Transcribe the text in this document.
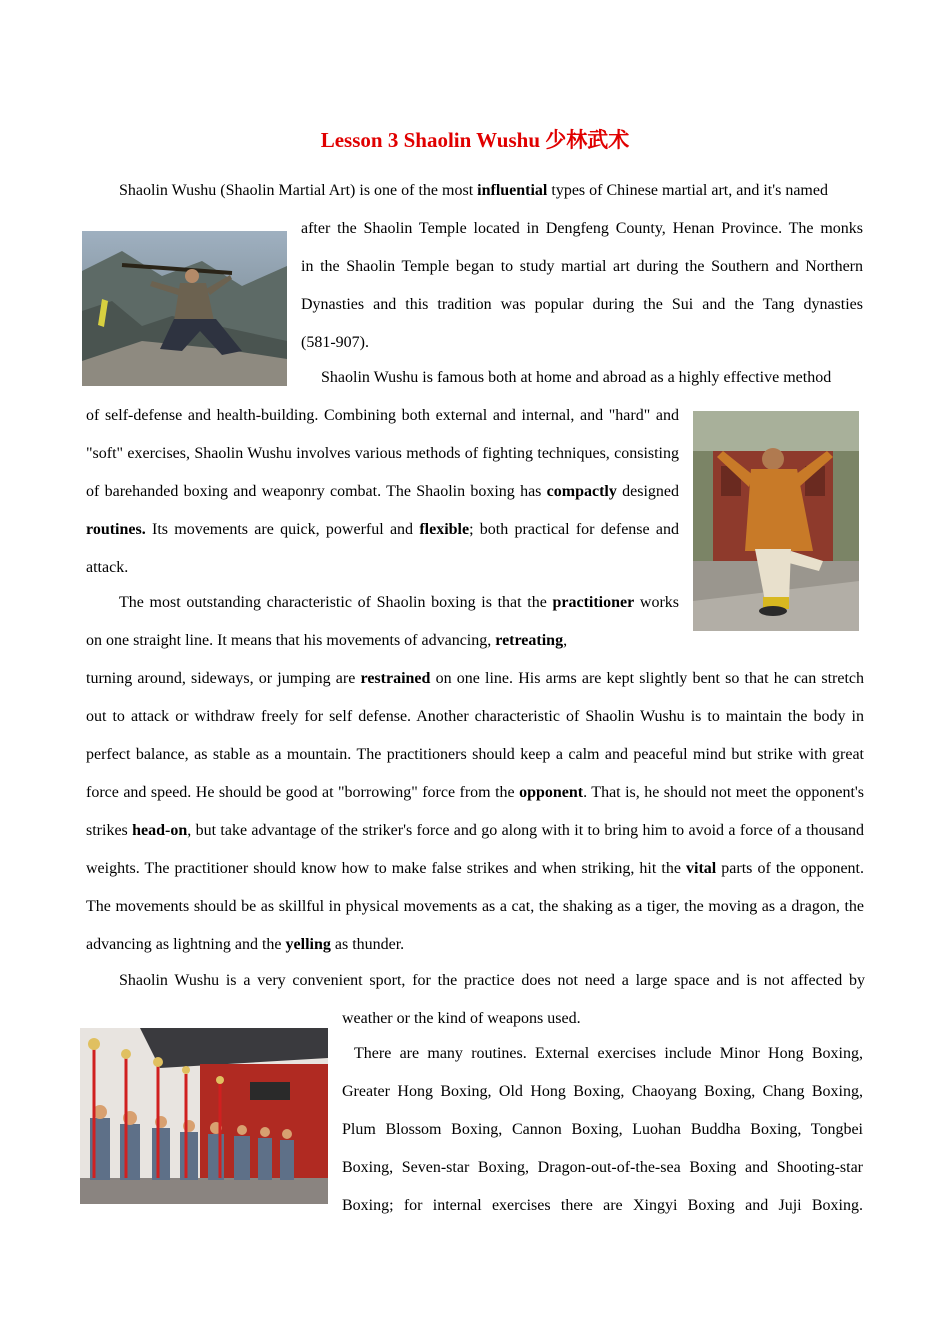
Lesson 3 Shaolin Wushu 少林武术

Shaolin Wushu (Shaolin Martial Art) is one of the most influential types of Chinese martial art, and it's named

after the Shaolin Temple located in Dengfeng County, Henan Province. The monks
in the Shaolin Temple began to study martial art during the Southern and Northern
Dynasties and this tradition was popular during the Sui and the Tang dynasties
(581-907).
Shaolin Wushu is famous both at home and abroad as a highly effective method

of self-defense and health-building. Combining both external and internal, and "hard" and "soft" exercises, Shaolin Wushu involves various methods of fighting techniques, consisting of barehanded boxing and weaponry combat. The Shaolin boxing has compactly designed routines. Its movements are quick, powerful and flexible; both practical for defense and attack.

The most outstanding characteristic of Shaolin boxing is that the practitioner works on one straight line. It means that his movements of advancing, retreating,

turning around, sideways, or jumping are restrained on one line. His arms are kept slightly bent so that he can stretch out to attack or withdraw freely for self defense. Another characteristic of Shaolin Wushu is to maintain the body in perfect balance, as stable as a mountain. The practitioners should keep a calm and peaceful mind but strike with great force and speed. He should be good at "borrowing" force from the opponent. That is, he should not meet the opponent's strikes head-on, but take advantage of the striker's force and go along with it to bring him to avoid a force of a thousand weights. The practitioner should know how to make false strikes and when striking, hit the vital parts of the opponent. The movements should be as skillful in physical movements as a cat, the shaking as a tiger, the moving as a dragon, the advancing as lightning and the yelling as thunder.

Shaolin Wushu is a very convenient sport, for the practice does not need a large space and is not affected by
weather or the kind of weapons used.

There are many routines. External exercises include Minor Hong Boxing, Greater Hong Boxing, Old Hong Boxing, Chaoyang Boxing, Chang Boxing, Plum Blossom Boxing, Cannon Boxing, Luohan Buddha Boxing, Tongbei Boxing, Seven-star Boxing, Dragon-out-of-the-sea Boxing and Shooting-star Boxing; for internal exercises there are Xingyi Boxing and Juji Boxing.
